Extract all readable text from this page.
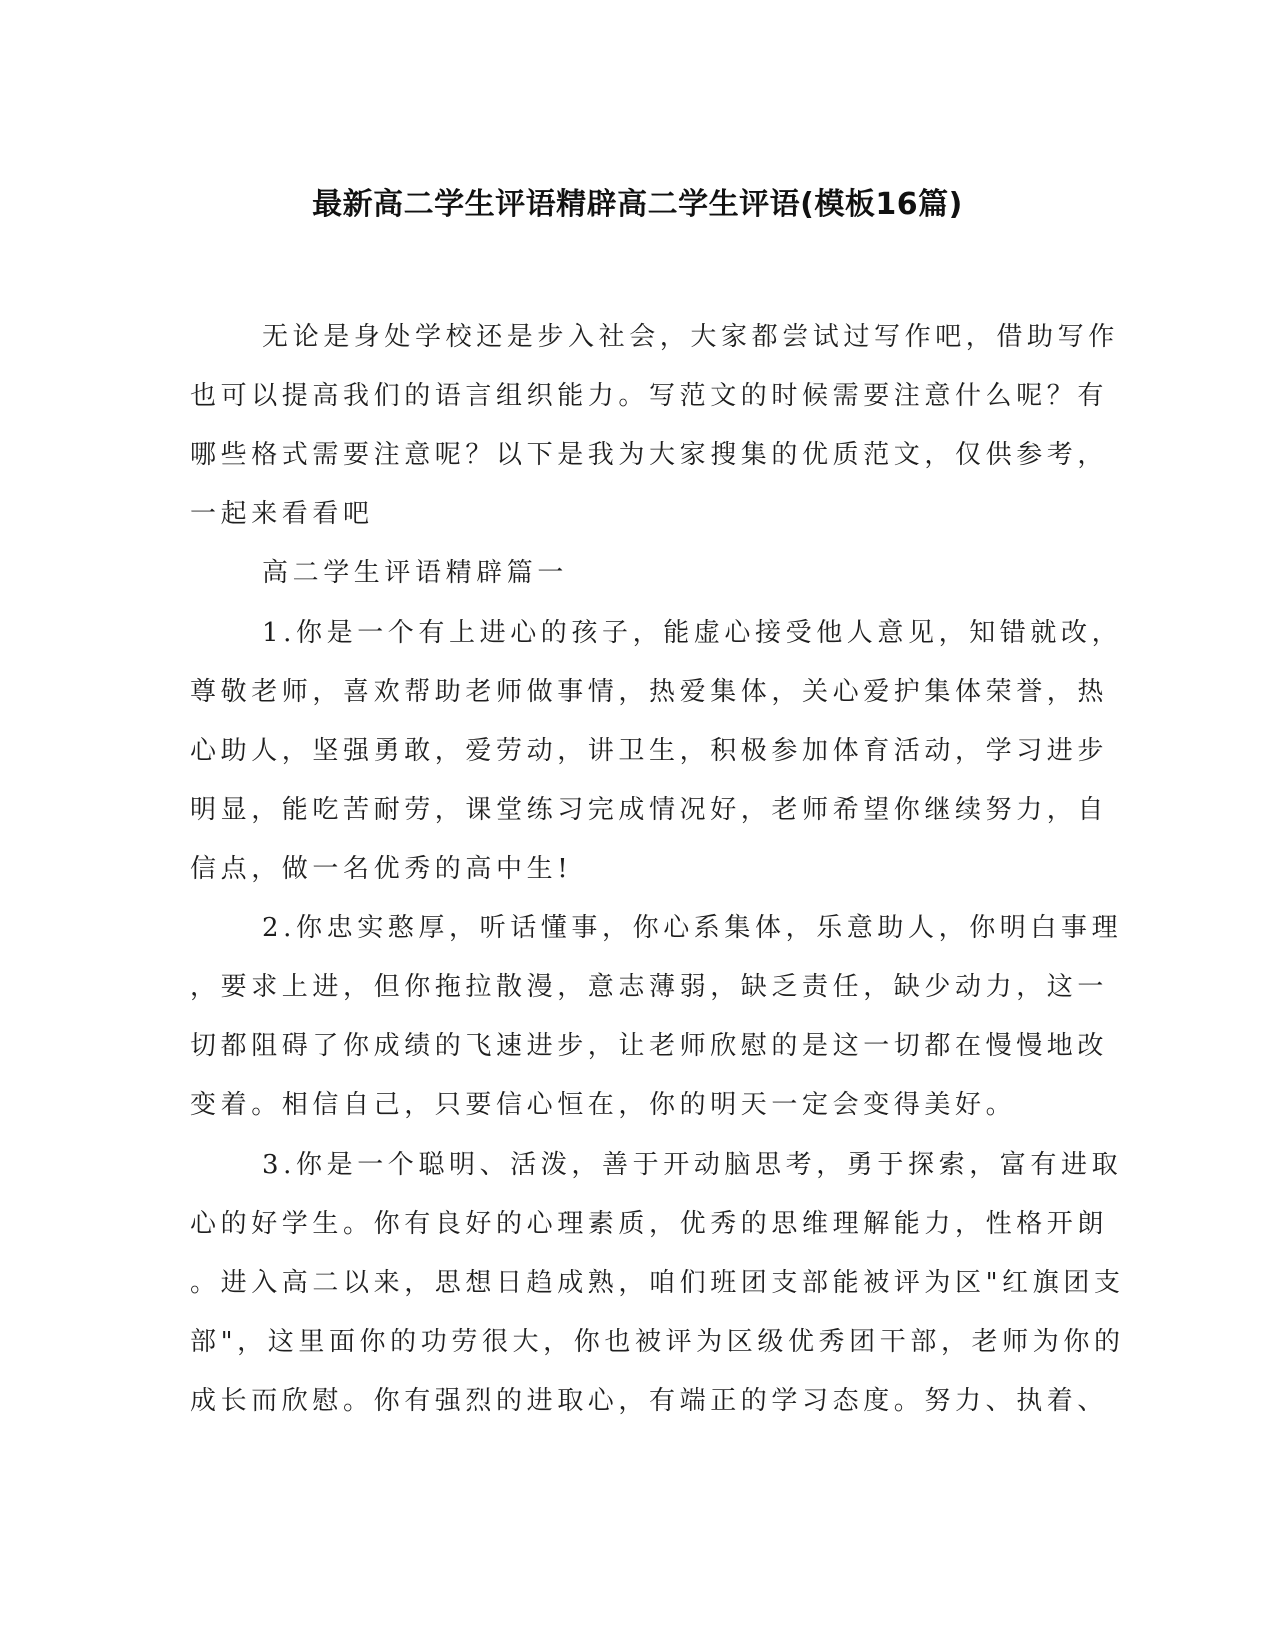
最新高二学生评语精辟高二学生评语(模板16篇)
无论是身处学校还是步入社会，大家都尝试过写作吧，借助写作
也可以提高我们的语言组织能力。写范文的时候需要注意什么呢？有
哪些格式需要注意呢？以下是我为大家搜集的优质范文，仅供参考，
一起来看看吧
高二学生评语精辟篇一
1.你是一个有上进心的孩子，能虚心接受他人意见，知错就改，
尊敬老师，喜欢帮助老师做事情，热爱集体，关心爱护集体荣誉，热
心助人，坚强勇敢，爱劳动，讲卫生，积极参加体育活动，学习进步
明显，能吃苦耐劳，课堂练习完成情况好，老师希望你继续努力，自
信点，做一名优秀的高中生!
2.你忠实憨厚，听话懂事，你心系集体，乐意助人，你明白事理
，要求上进，但你拖拉散漫，意志薄弱，缺乏责任，缺少动力，这一
切都阻碍了你成绩的飞速进步，让老师欣慰的是这一切都在慢慢地改
变着。相信自己，只要信心恒在，你的明天一定会变得美好。
3.你是一个聪明、活泼，善于开动脑思考，勇于探索，富有进取
心的好学生。你有良好的心理素质，优秀的思维理解能力，性格开朗
。进入高二以来，思想日趋成熟，咱们班团支部能被评为区"红旗团支
部"，这里面你的功劳很大，你也被评为区级优秀团干部，老师为你的
成长而欣慰。你有强烈的进取心，有端正的学习态度。努力、执着、
